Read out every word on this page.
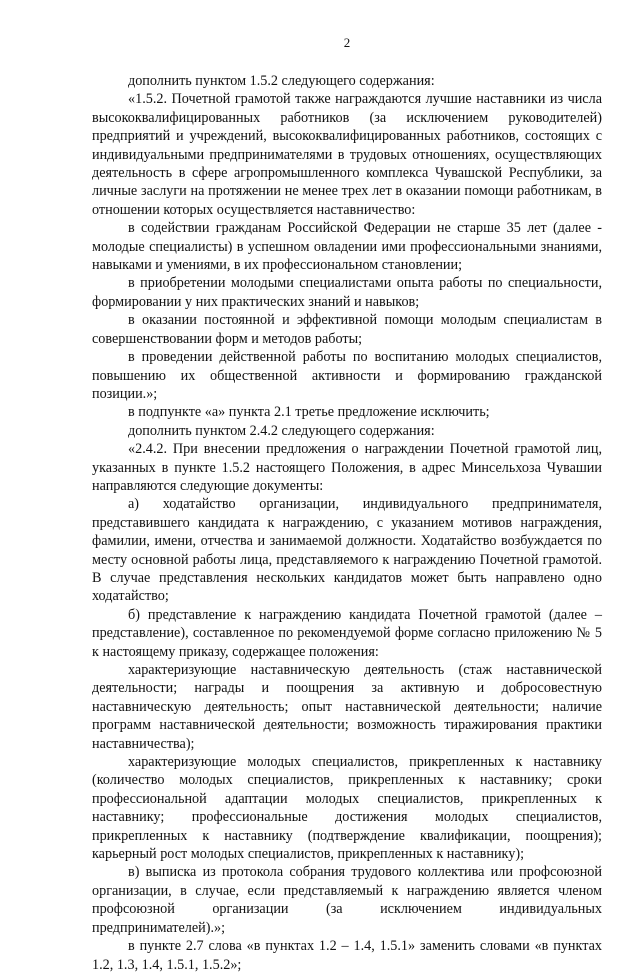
2

дополнить пунктом 1.5.2 следующего содержания:

«1.5.2. Почетной грамотой также награждаются лучшие наставники из числа высококвалифицированных работников (за исключением руководителей) предприятий и учреждений, высококвалифицированных работников, состоящих с индивидуальными предпринимателями в трудовых отношениях, осуществляющих деятельность в сфере агропромышленного комплекса Чувашской Республики, за личные заслуги на протяжении не менее трех лет в оказании помощи работникам, в отношении которых осуществляется наставничество:

в содействии гражданам Российской Федерации не старше 35 лет (далее - молодые специалисты) в успешном овладении ими профессиональными знаниями, навыками и умениями, в их профессиональном становлении;

в приобретении молодыми специалистами опыта работы по специальности, формировании у них практических знаний и навыков;

в оказании постоянной и эффективной помощи молодым специалистам в совершенствовании форм и методов работы;

в проведении действенной работы по воспитанию молодых специалистов, повышению их общественной активности и формированию гражданской позиции.»;

в подпункте «а» пункта 2.1 третье предложение исключить;

дополнить пунктом 2.4.2 следующего содержания:

«2.4.2. При внесении предложения о награждении Почетной грамотой лиц, указанных в пункте 1.5.2 настоящего Положения, в адрес Минсельхоза Чувашии направляются следующие документы:

а) ходатайство организации, индивидуального предпринимателя, представившего кандидата к награждению, с указанием мотивов награждения, фамилии, имени, отчества и занимаемой должности. Ходатайство возбуждается по месту основной работы лица, представляемого к награждению Почетной грамотой. В случае представления нескольких кандидатов может быть направлено одно ходатайство;

б) представление к награждению кандидата Почетной грамотой (далее – представление), составленное по рекомендуемой форме согласно приложению № 5 к настоящему приказу, содержащее положения:

характеризующие наставническую деятельность (стаж наставнической деятельности; награды и поощрения за активную и добросовестную наставническую деятельность; опыт наставнической деятельности; наличие программ наставнической деятельности; возможность тиражирования практики наставничества);

характеризующие молодых специалистов, прикрепленных к наставнику (количество молодых специалистов, прикрепленных к наставнику; сроки профессиональной адаптации молодых специалистов, прикрепленных к наставнику; профессиональные достижения молодых специалистов, прикрепленных к наставнику (подтверждение квалификации, поощрения); карьерный рост молодых специалистов, прикрепленных к наставнику);

в) выписка из протокола собрания трудового коллектива или профсоюзной организации, в случае, если представляемый к награждению является членом профсоюзной организации (за исключением индивидуальных предпринимателей).»;

в пункте 2.7 слова «в пунктах 1.2 – 1.4, 1.5.1» заменить словами «в пунктах 1.2, 1.3, 1.4, 1.5.1, 1.5.2»;
